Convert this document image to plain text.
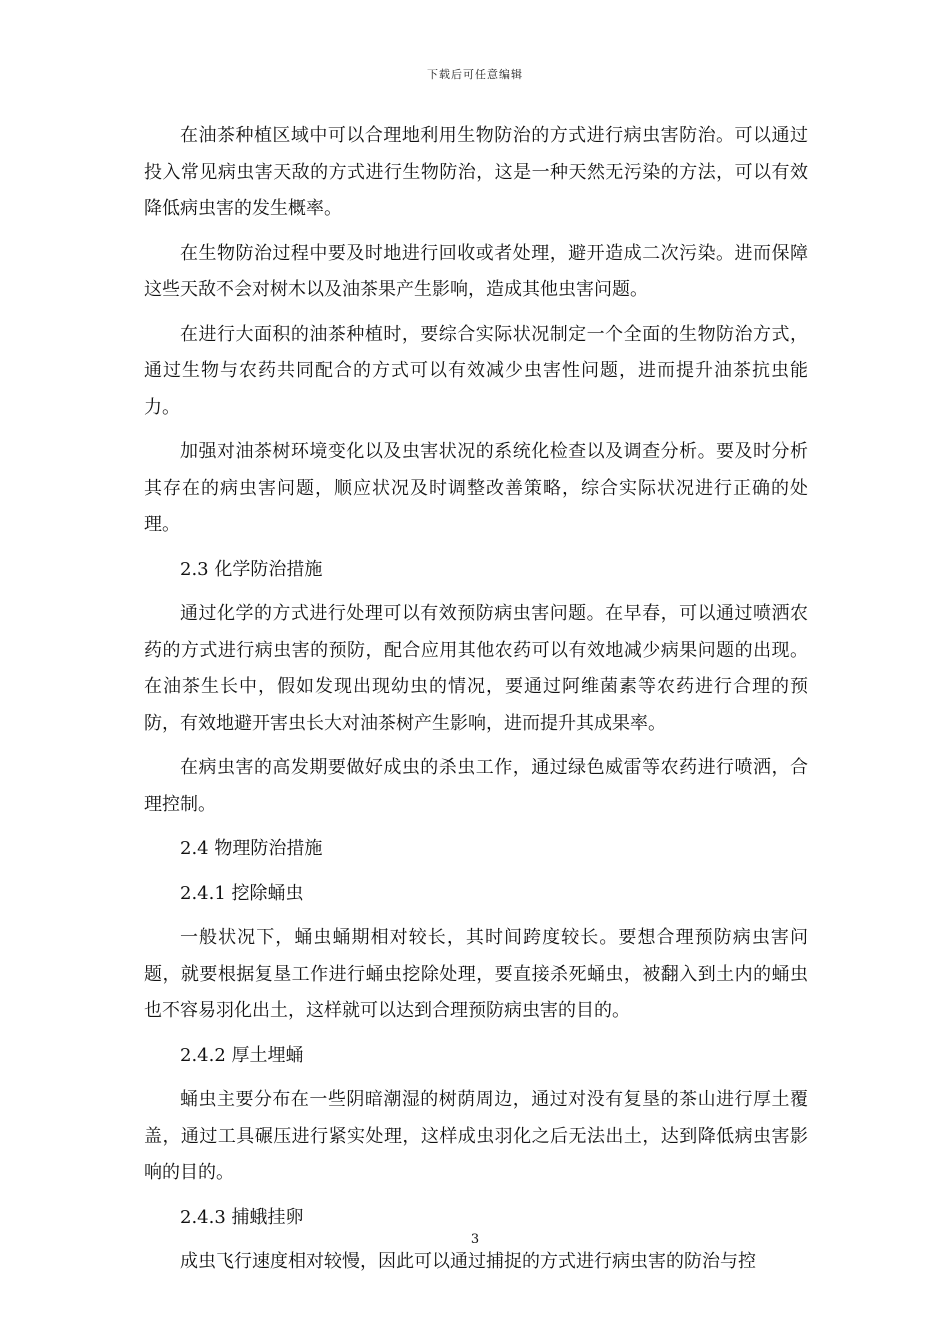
下载后可任意编辑

在油茶种植区域中可以合理地利用生物防治的方式进行病虫害防治。可以通过投入常见病虫害天敌的方式进行生物防治，这是一种天然无污染的方法，可以有效降低病虫害的发生概率。

在生物防治过程中要及时地进行回收或者处理，避开造成二次污染。进而保障这些天敌不会对树木以及油茶果产生影响，造成其他虫害问题。

在进行大面积的油茶种植时，要综合实际状况制定一个全面的生物防治方式，通过生物与农药共同配合的方式可以有效减少虫害性问题，进而提升油茶抗虫能力。

加强对油茶树环境变化以及虫害状况的系统化检查以及调查分析。要及时分析其存在的病虫害问题，顺应状况及时调整改善策略，综合实际状况进行正确的处理。

2.3 化学防治措施

通过化学的方式进行处理可以有效预防病虫害问题。在早春，可以通过喷洒农药的方式进行病虫害的预防，配合应用其他农药可以有效地减少病果问题的出现。在油茶生长中，假如发现出现幼虫的情况，要通过阿维菌素等农药进行合理的预防，有效地避开害虫长大对油茶树产生影响，进而提升其成果率。

在病虫害的高发期要做好成虫的杀虫工作，通过绿色威雷等农药进行喷洒，合理控制。

2.4 物理防治措施

2.4.1 挖除蛹虫

一般状况下，蛹虫蛹期相对较长，其时间跨度较长。要想合理预防病虫害问题，就要根据复垦工作进行蛹虫挖除处理，要直接杀死蛹虫，被翻入到土内的蛹虫也不容易羽化出土，这样就可以达到合理预防病虫害的目的。

2.4.2 厚土埋蛹

蛹虫主要分布在一些阴暗潮湿的树荫周边，通过对没有复垦的茶山进行厚土覆盖，通过工具碾压进行紧实处理，这样成虫羽化之后无法出土，达到降低病虫害影响的目的。

2.4.3 捕蛾挂卵

成虫飞行速度相对较慢，因此可以通过捕捉的方式进行病虫害的防治与控

3
